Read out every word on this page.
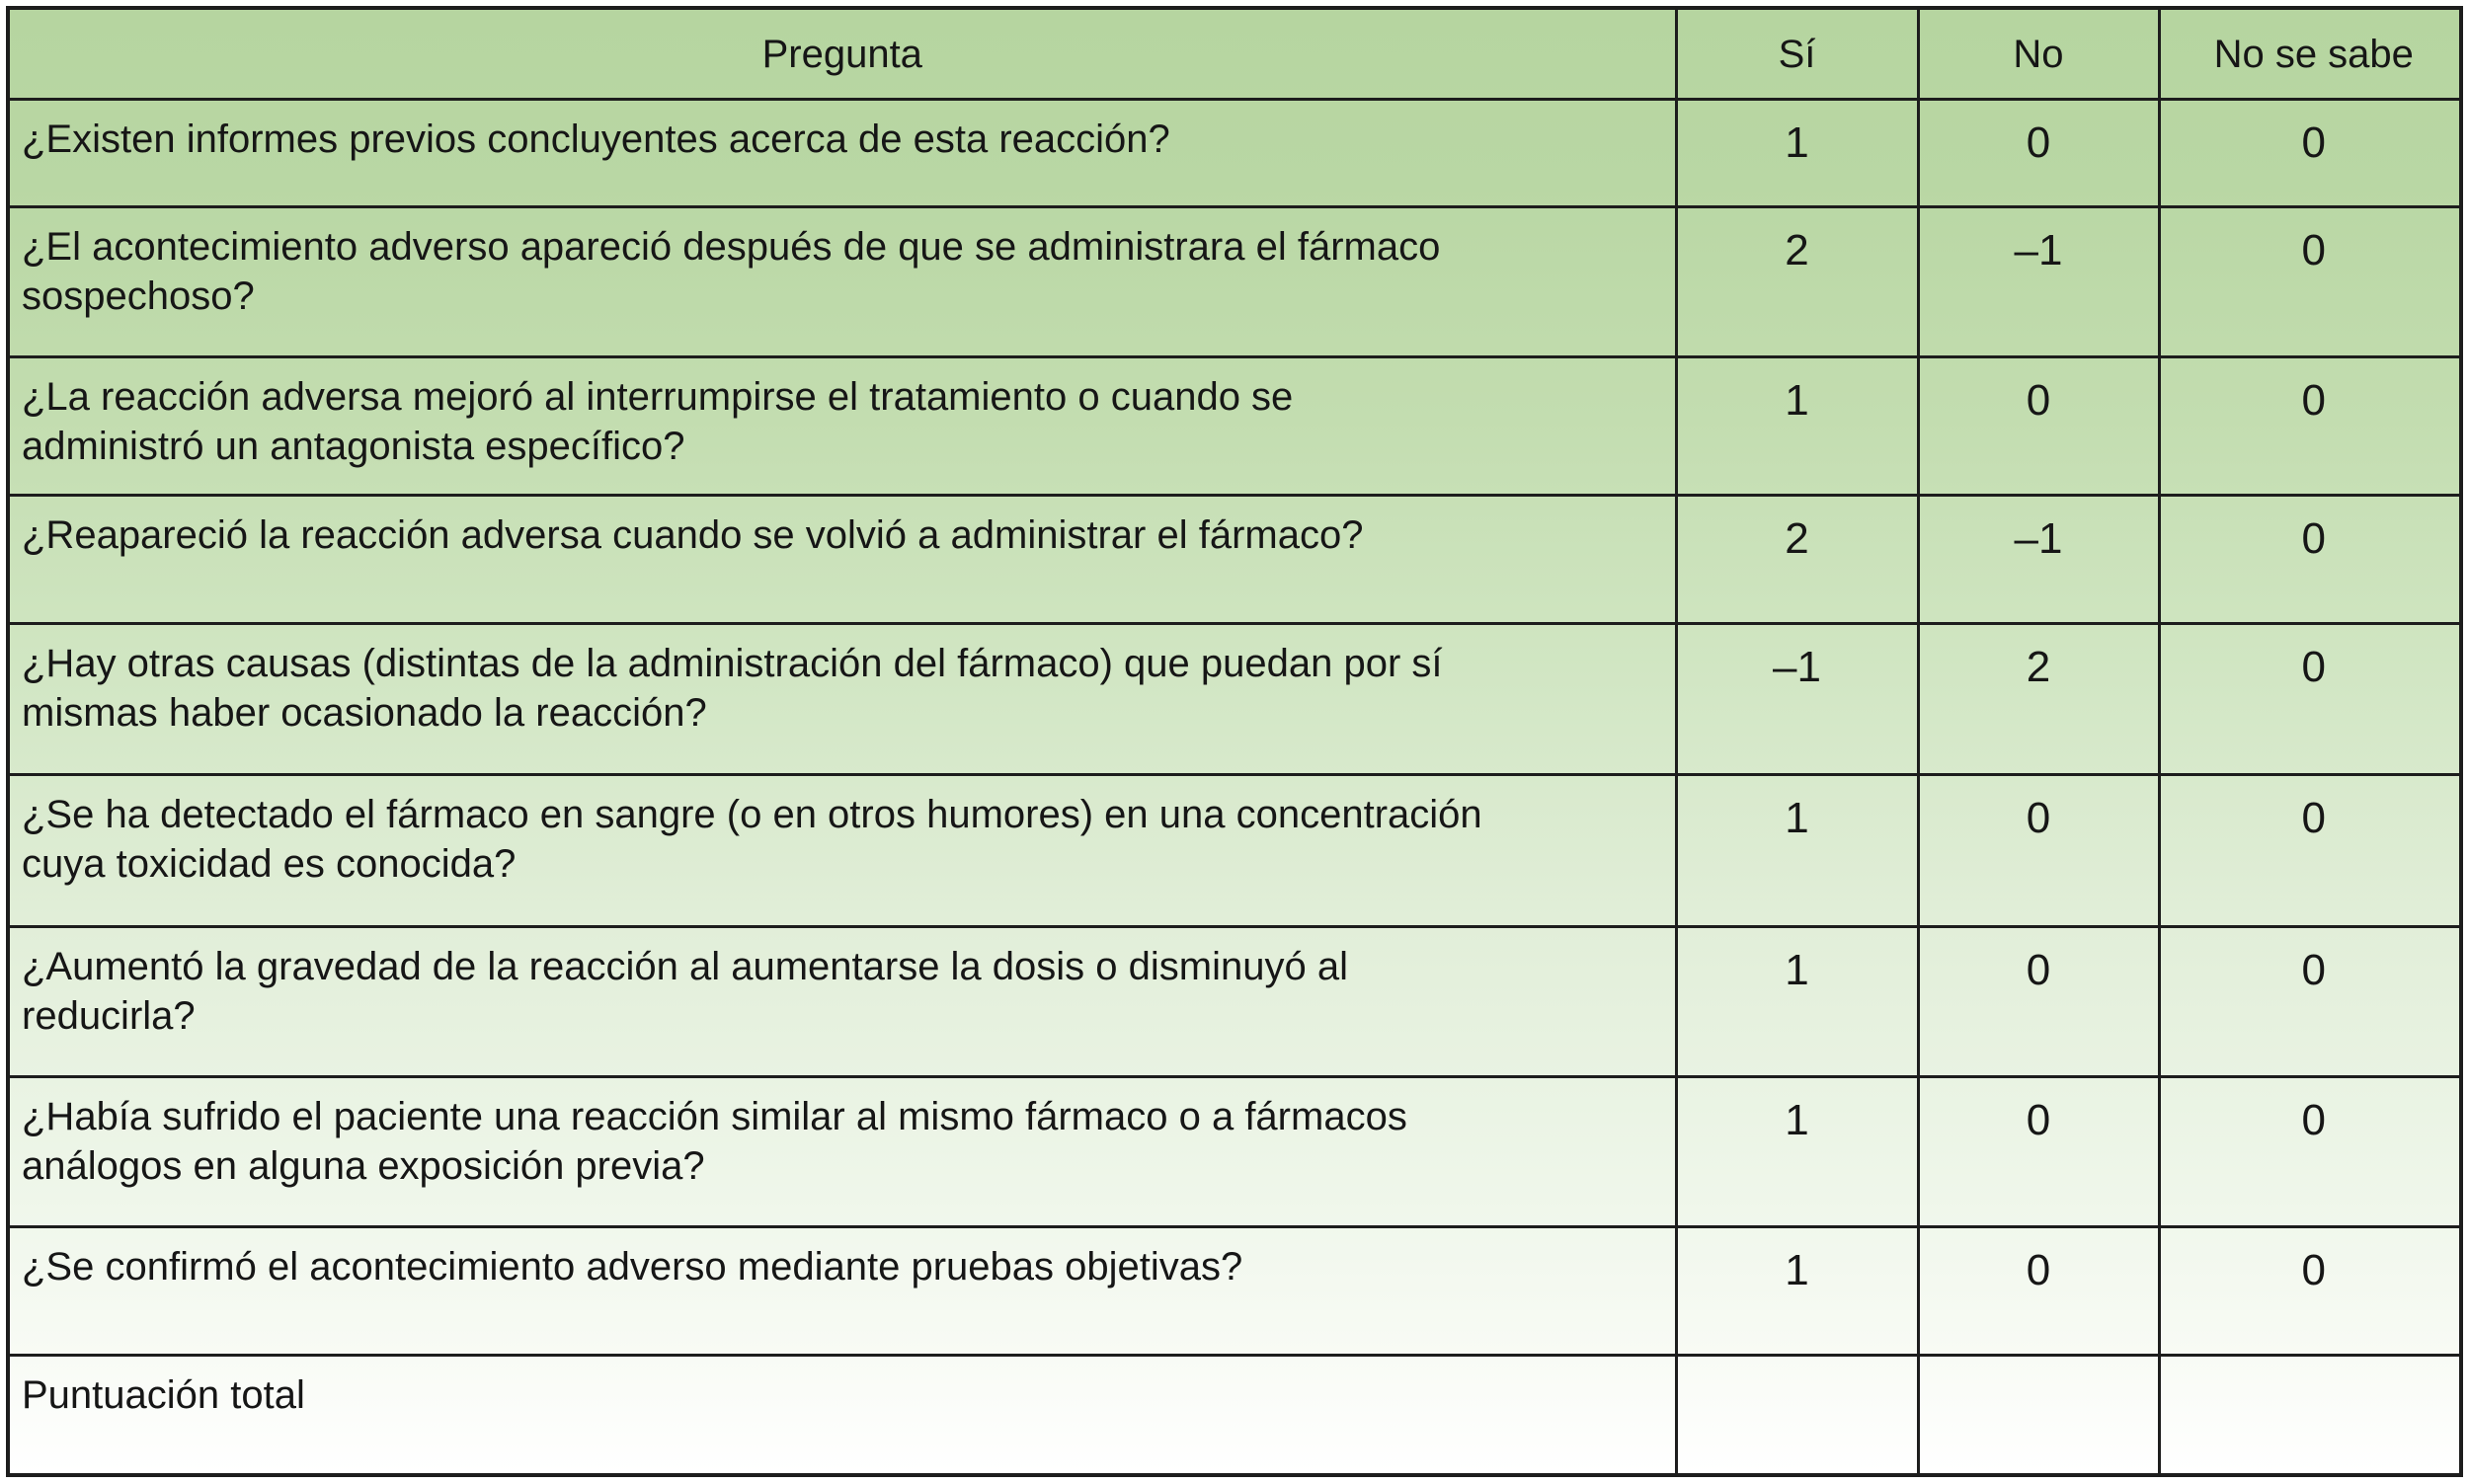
Pregunta	Sí	No	No se sabe

¿Existen informes previos concluyentes acerca de esta reacción?	1	0	0

¿El acontecimiento adverso apareció después de que se administrara el fármaco sospechoso?	2	–1	0

¿La reacción adversa mejoró al interrumpirse el tratamiento o cuando se administró un antagonista específico?	1	0	0

¿Reapareció la reacción adversa cuando se volvió a administrar el fármaco?	2	–1	0

¿Hay otras causas (distintas de la administración del fármaco) que puedan por sí mismas haber ocasionado la reacción?	–1	2	0

¿Se ha detectado el fármaco en sangre (o en otros humores) en una concentración cuya toxicidad es conocida?	1	0	0

¿Aumentó la gravedad de la reacción al aumentarse la dosis o disminuyó al reducirla?	1	0	0

¿Había sufrido el paciente una reacción similar al mismo fármaco o a fármacos análogos en alguna exposición previa?	1	0	0

¿Se confirmó el acontecimiento adverso mediante pruebas objetivas?	1	0	0
Puntuación total			
